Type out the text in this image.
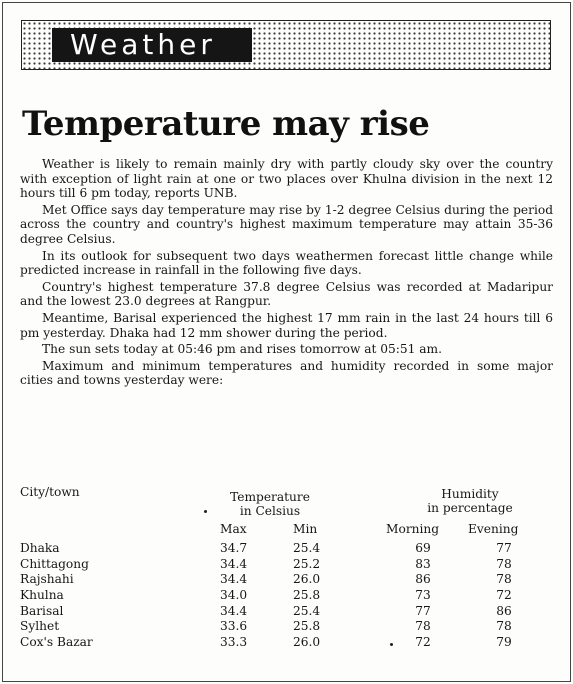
Weather
Temperature may rise

Weather is likely to remain mainly dry with partly cloudy sky over the country with exception of light rain at one or two places over Khulna division in the next 12 hours till 6 pm today, reports UNB.

Met Office says day temperature may rise by 1-2 degree Celsius during the period across the country and country's highest maximum temperature may attain 35-36 degree Celsius.

In its outlook for subsequent two days weathermen forecast little change while predicted increase in rainfall in the following five days.

Country's highest temperature 37.8 degree Celsius was recorded at Madaripur and the lowest 23.0 degrees at Rangpur.

Meantime, Barisal experienced the highest 17 mm rain in the last 24 hours till 6 pm yesterday. Dhaka had 12 mm shower during the period.

The sun sets today at 05:46 pm and rises tomorrow at 05:51 am.

Maximum and minimum temperatures and humidity recorded in some major cities and towns yesterday were:

City/town	Temperature
in Celsius
Humidity
in percentage
Max	Min	Morning Evening
Dhaka	34.7	25.4	69	77
Chittagong	34.4	25.2	83	78
Rajshahi	34.4	26.0	86	78
Khulna	34.0	25.8	73	72
Barisal	34.4	25.4	77	86
Sylhet	33.6	25.8	78	78
Cox's Bazar	33.3	26.0	72	79
